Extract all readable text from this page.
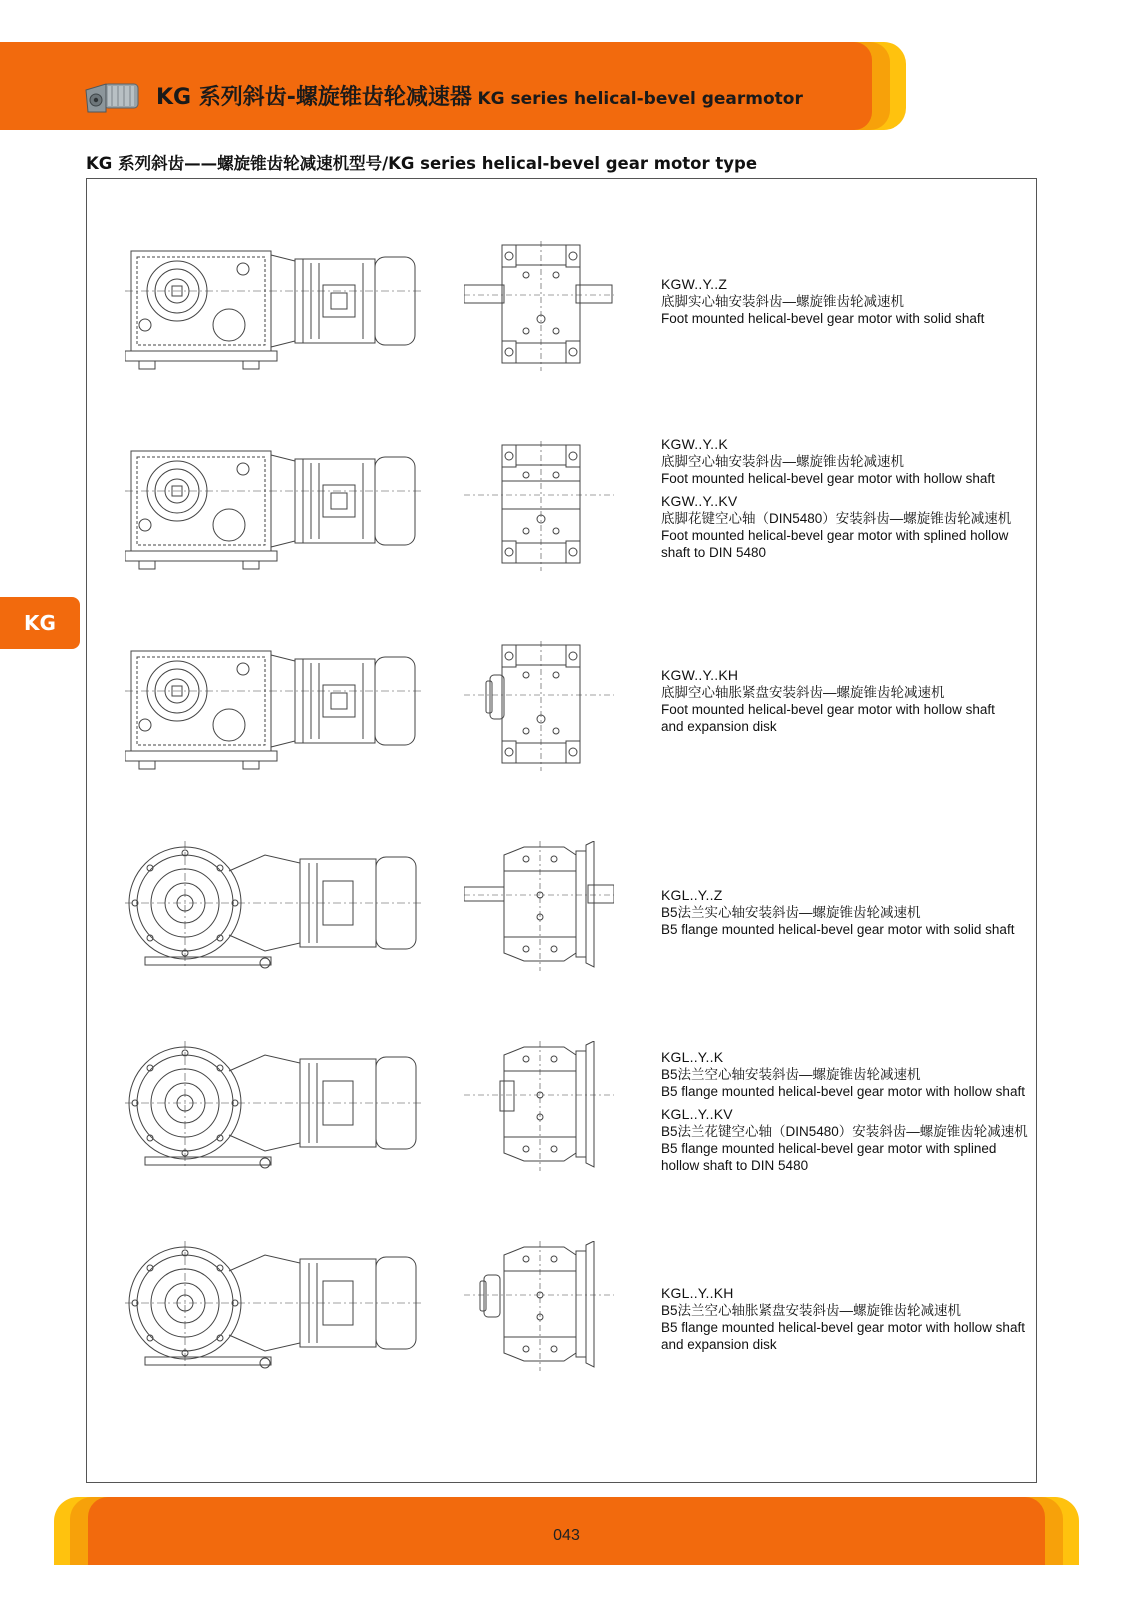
KG 系列斜齿-螺旋锥齿轮减速器 KG series helical-bevel gearmotor
KG 系列斜齿——螺旋锥齿轮减速机型号/KG series helical-bevel gear motor type
KG
KGW..Y..Z
底脚实心轴安装斜齿—螺旋锥齿轮减速机
Foot mounted helical-bevel gear motor with solid shaft
KGW..Y..K
底脚空心轴安装斜齿—螺旋锥齿轮减速机
Foot mounted helical-bevel gear motor with hollow shaft
KGW..Y..KV
底脚花键空心轴（DIN5480）安装斜齿—螺旋锥齿轮减速机
Foot mounted helical-bevel gear motor with splined hollow
shaft to DIN 5480
KGW..Y..KH
底脚空心轴胀紧盘安装斜齿—螺旋锥齿轮减速机
Foot mounted helical-bevel gear motor with hollow shaft
and expansion disk
KGL..Y..Z
B5法兰实心轴安装斜齿—螺旋锥齿轮减速机
B5 flange mounted helical-bevel gear motor with solid shaft
KGL..Y..K
B5法兰空心轴安装斜齿—螺旋锥齿轮减速机
B5 flange mounted helical-bevel gear motor with hollow shaft
KGL..Y..KV
B5法兰花键空心轴（DIN5480）安装斜齿—螺旋锥齿轮减速机
B5 flange mounted helical-bevel gear motor with splined
hollow shaft to DIN 5480
KGL..Y..KH
B5法兰空心轴胀紧盘安装斜齿—螺旋锥齿轮减速机
B5 flange mounted helical-bevel gear motor with hollow shaft
and expansion disk
043
